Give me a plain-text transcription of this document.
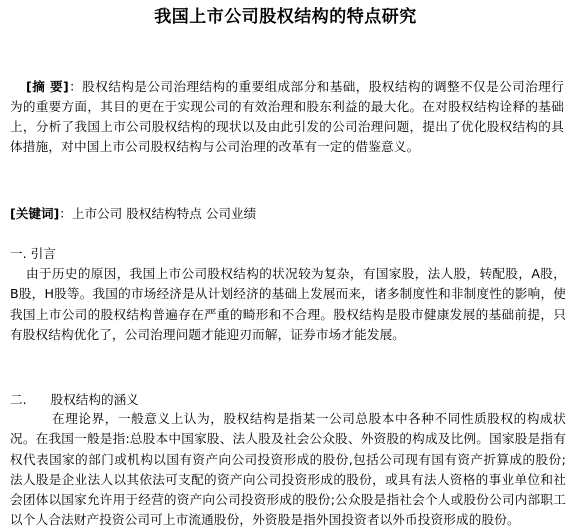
我国上市公司股权结构的特点研究
[摘 要]：股权结构是公司治理结构的重要组成部分和基础，股权结构的调整不仅是公司治理行为的重要方面，其目的更在于实现公司的有效治理和股东利益的最大化。在对股权结构诠释的基础上，分析了我国上市公司股权结构的现状以及由此引发的公司治理问题，提出了优化股权结构的具体措施，对中国上市公司股权结构与公司治理的改革有一定的借鉴意义。
[关键词]：上市公司 股权结构特点 公司业绩
一. 引言
由于历史的原因，我国上市公司股权结构的状况较为复杂，有国家股，法人股，转配股，A股，B股，H股等。我国的市场经济是从计划经济的基础上发展而来，诸多制度性和非制度性的影响，使我国上市公司的股权结构普遍存在严重的畸形和不合理。股权结构是股市健康发展的基础前提，只有股权结构优化了，公司治理问题才能迎刃而解，证券市场才能发展。
二.      股权结构的涵义
在理论界，一般意义上认为，股权结构是指某一公司总股本中各种不同性质股权的构成状况。在我国一般是指:总股本中国家股、法人股及社会公众股、外资股的构成及比例。国家股是指有权代表国家的部门或机构以国有资产向公司投资形成的股份,包括公司现有国有资产折算成的股份;法人股是企业法人以其依法可支配的资产向公司投资形成的股份，或具有法人资格的事业单位和社会团体以国家允许用于经营的资产向公司投资形成的股份;公众股是指社会个人或股份公司内部职工以个人合法财产投资公司可上市流通股份，外资股是指外国投资者以外币投资形成的股份。
